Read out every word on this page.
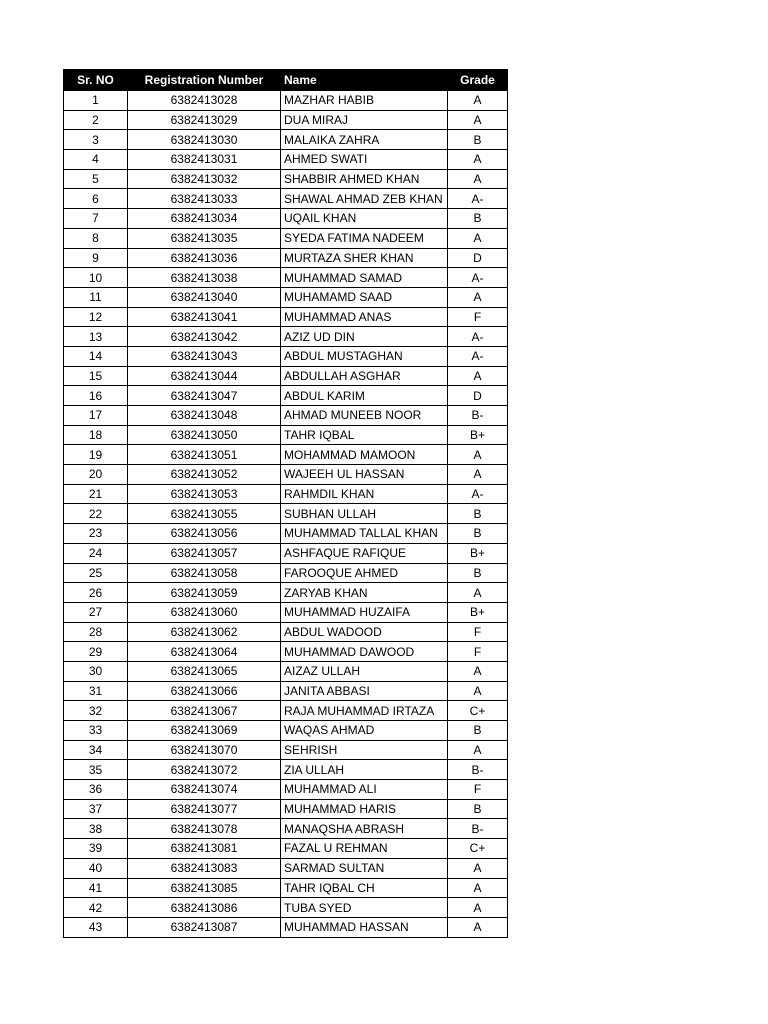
Sr. NO	Registration Number	Name	Grade
1	6382413028	MAZHAR HABIB	A
2	6382413029	DUA MIRAJ	A
3	6382413030	MALAIKA ZAHRA	B
4	6382413031	AHMED SWATI	A
5	6382413032	SHABBIR AHMED KHAN	A
6	6382413033	SHAWAL AHMAD ZEB KHAN	A-
7	6382413034	UQAIL KHAN	B
8	6382413035	SYEDA FATIMA NADEEM	A
9	6382413036	MURTAZA SHER KHAN	D
10	6382413038	MUHAMMAD SAMAD	A-
11	6382413040	MUHAMAMD SAAD	A
12	6382413041	MUHAMMAD ANAS	F
13	6382413042	AZIZ UD DIN	A-
14	6382413043	ABDUL MUSTAGHAN	A-
15	6382413044	ABDULLAH ASGHAR	A
16	6382413047	ABDUL KARIM	D
17	6382413048	AHMAD MUNEEB NOOR	B-
18	6382413050	TAHR IQBAL	B+
19	6382413051	MOHAMMAD MAMOON	A
20	6382413052	WAJEEH UL HASSAN	A
21	6382413053	RAHMDIL KHAN	A-
22	6382413055	SUBHAN ULLAH	B
23	6382413056	MUHAMMAD TALLAL KHAN	B
24	6382413057	ASHFAQUE RAFIQUE	B+
25	6382413058	FAROOQUE AHMED	B
26	6382413059	ZARYAB KHAN	A
27	6382413060	MUHAMMAD HUZAIFA	B+
28	6382413062	ABDUL WADOOD	F
29	6382413064	MUHAMMAD DAWOOD	F
30	6382413065	AIZAZ ULLAH	A
31	6382413066	JANITA ABBASI	A
32	6382413067	RAJA MUHAMMAD IRTAZA	C+
33	6382413069	WAQAS AHMAD	B
34	6382413070	SEHRISH	A
35	6382413072	ZIA ULLAH	B-
36	6382413074	MUHAMMAD ALI	F
37	6382413077	MUHAMMAD HARIS	B
38	6382413078	MANAQSHA ABRASH	B-
39	6382413081	FAZAL U REHMAN	C+
40	6382413083	SARMAD SULTAN	A
41	6382413085	TAHR IQBAL CH	A
42	6382413086	TUBA SYED	A
43	6382413087	MUHAMMAD HASSAN	A
